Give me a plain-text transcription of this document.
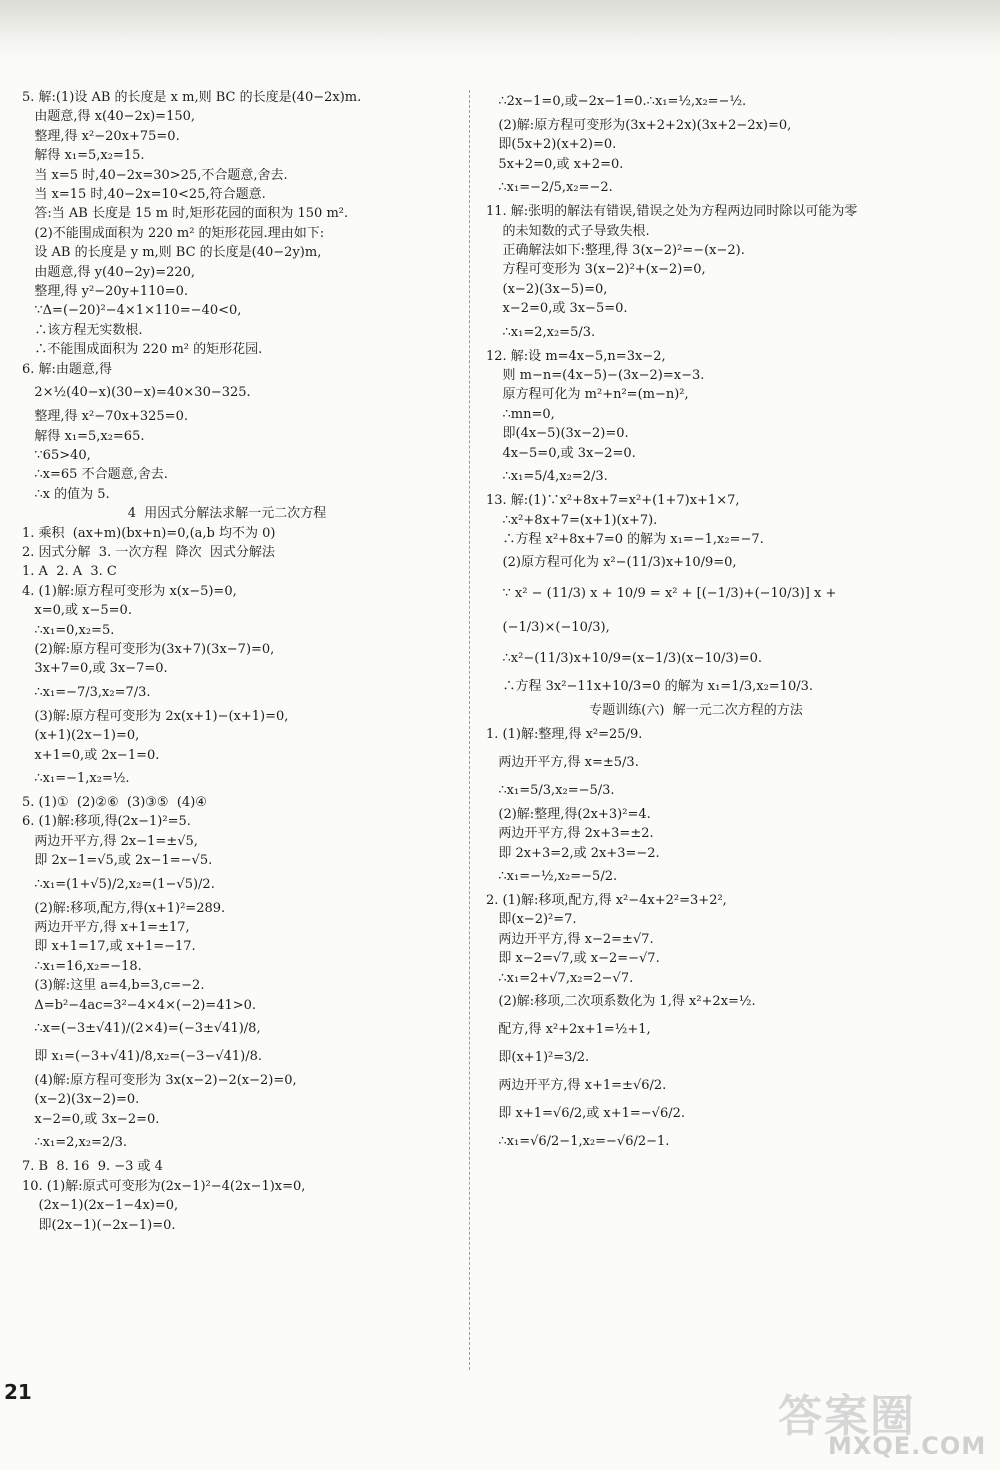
5. 解:(1)设 AB 的长度是 x m,则 BC 的长度是(40−2x)m.
由题意,得 x(40−2x)=150,
整理,得 x²−20x+75=0.
解得 x₁=5,x₂=15.
当 x=5 时,40−2x=30>25,不合题意,舍去.
当 x=15 时,40−2x=10<25,符合题意.
答:当 AB 长度是 15 m 时,矩形花园的面积为 150 m².
(2)不能围成面积为 220 m² 的矩形花园.理由如下:
设 AB 的长度是 y m,则 BC 的长度是(40−2y)m,
由题意,得 y(40−2y)=220,
整理,得 y²−20y+110=0.
∵Δ=(−20)²−4×1×110=−40<0,
∴该方程无实数根.
∴不能围成面积为 220 m² 的矩形花园.
6. 解:由题意,得
2×½(40−x)(30−x)=40×30−325.
整理,得 x²−70x+325=0.
解得 x₁=5,x₂=65.
∵65>40,
∴x=65 不合题意,舍去.
∴x 的值为 5.
4  用因式分解法求解一元二次方程
1. 乘积  (ax+m)(bx+n)=0,(a,b 均不为 0)
2. 因式分解  3. 一次方程  降次  因式分解法
1. A  2. A  3. C
4. (1)解:原方程可变形为 x(x−5)=0,
x=0,或 x−5=0.
∴x₁=0,x₂=5.
(2)解:原方程可变形为(3x+7)(3x−7)=0,
3x+7=0,或 3x−7=0.
∴x₁=−7/3,x₂=7/3.
(3)解:原方程可变形为 2x(x+1)−(x+1)=0,
(x+1)(2x−1)=0,
x+1=0,或 2x−1=0.
∴x₁=−1,x₂=½.
5. (1)①  (2)②⑥  (3)③⑤  (4)④
6. (1)解:移项,得(2x−1)²=5.
两边开平方,得 2x−1=±√5,
即 2x−1=√5,或 2x−1=−√5.
∴x₁=(1+√5)/2,x₂=(1−√5)/2.
(2)解:移项,配方,得(x+1)²=289.
两边开平方,得 x+1=±17,
即 x+1=17,或 x+1=−17.
∴x₁=16,x₂=−18.
(3)解:这里 a=4,b=3,c=−2.
Δ=b²−4ac=3²−4×4×(−2)=41>0.
∴x=(−3±√41)/(2×4)=(−3±√41)/8,
即 x₁=(−3+√41)/8,x₂=(−3−√41)/8.
(4)解:原方程可变形为 3x(x−2)−2(x−2)=0,
(x−2)(3x−2)=0.
x−2=0,或 3x−2=0.
∴x₁=2,x₂=2/3.
7. B  8. 16  9. −3 或 4
10. (1)解:原式可变形为(2x−1)²−4(2x−1)x=0,
(2x−1)(2x−1−4x)=0,
即(2x−1)(−2x−1)=0.
∴2x−1=0,或−2x−1=0.∴x₁=½,x₂=−½.
(2)解:原方程可变形为(3x+2+2x)(3x+2−2x)=0,
即(5x+2)(x+2)=0.
5x+2=0,或 x+2=0.
∴x₁=−2/5,x₂=−2.
11. 解:张明的解法有错误,错误之处为方程两边同时除以可能为零
的未知数的式子导致失根.
正确解法如下:整理,得 3(x−2)²=−(x−2).
方程可变形为 3(x−2)²+(x−2)=0,
(x−2)(3x−5)=0,
x−2=0,或 3x−5=0.
∴x₁=2,x₂=5/3.
12. 解:设 m=4x−5,n=3x−2,
则 m−n=(4x−5)−(3x−2)=x−3.
原方程可化为 m²+n²=(m−n)²,
∴mn=0,
即(4x−5)(3x−2)=0.
4x−5=0,或 3x−2=0.
∴x₁=5/4,x₂=2/3.
13. 解:(1)∵x²+8x+7=x²+(1+7)x+1×7,
∴x²+8x+7=(x+1)(x+7).
∴方程 x²+8x+7=0 的解为 x₁=−1,x₂=−7.
(2)原方程可化为 x²−(11/3)x+10/9=0,
∵ x² − (11/3) x + 10/9 = x² + [(−1/3)+(−10/3)] x +
(−1/3)×(−10/3),
∴x²−(11/3)x+10/9=(x−1/3)(x−10/3)=0.
∴方程 3x²−11x+10/3=0 的解为 x₁=1/3,x₂=10/3.
专题训练(六)  解一元二次方程的方法
1. (1)解:整理,得 x²=25/9.
两边开平方,得 x=±5/3.
∴x₁=5/3,x₂=−5/3.
(2)解:整理,得(2x+3)²=4.
两边开平方,得 2x+3=±2.
即 2x+3=2,或 2x+3=−2.
∴x₁=−½,x₂=−5/2.
2. (1)解:移项,配方,得 x²−4x+2²=3+2²,
即(x−2)²=7.
两边开平方,得 x−2=±√7.
即 x−2=√7,或 x−2=−√7.
∴x₁=2+√7,x₂=2−√7.
(2)解:移项,二次项系数化为 1,得 x²+2x=½.
配方,得 x²+2x+1=½+1,
即(x+1)²=3/2.
两边开平方,得 x+1=±√6/2.
即 x+1=√6/2,或 x+1=−√6/2.
∴x₁=√6/2−1,x₂=−√6/2−1.
21	答案圈
MXQE.COM
